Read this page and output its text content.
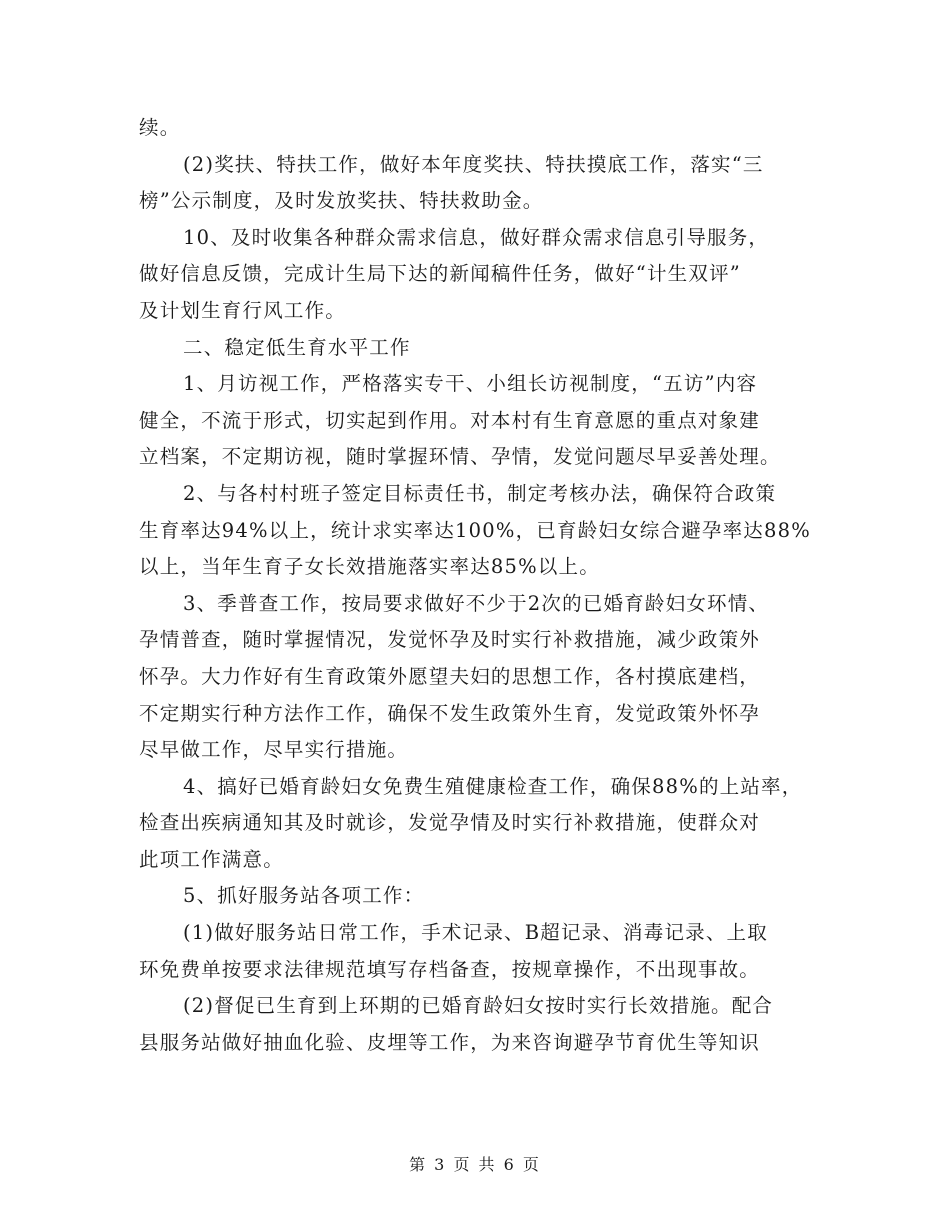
续。
(2)奖扶、特扶工作，做好本年度奖扶、特扶摸底工作，落实“三
榜”公示制度，及时发放奖扶、特扶救助金。
10、及时收集各种群众需求信息，做好群众需求信息引导服务，
做好信息反馈，完成计生局下达的新闻稿件任务，做好“计生双评”
及计划生育行风工作。
二、稳定低生育水平工作
1、月访视工作，严格落实专干、小组长访视制度，“五访”内容
健全，不流于形式，切实起到作用。对本村有生育意愿的重点对象建
立档案，不定期访视，随时掌握环情、孕情，发觉问题尽早妥善处理。
2、与各村村班子签定目标责任书，制定考核办法，确保符合政策
生育率达94%以上，统计求实率达100%，已育龄妇女综合避孕率达88%
以上，当年生育子女长效措施落实率达85%以上。
3、季普查工作，按局要求做好不少于2次的已婚育龄妇女环情、
孕情普查，随时掌握情况，发觉怀孕及时实行补救措施，减少政策外
怀孕。大力作好有生育政策外愿望夫妇的思想工作，各村摸底建档，
不定期实行种方法作工作，确保不发生政策外生育，发觉政策外怀孕
尽早做工作，尽早实行措施。
4、搞好已婚育龄妇女免费生殖健康检查工作，确保88%的上站率，
检查出疾病通知其及时就诊，发觉孕情及时实行补救措施，使群众对
此项工作满意。
5、抓好服务站各项工作：
(1)做好服务站日常工作，手术记录、B超记录、消毒记录、上取
环免费单按要求法律规范填写存档备查，按规章操作，不出现事故。
(2)督促已生育到上环期的已婚育龄妇女按时实行长效措施。配合
县服务站做好抽血化验、皮埋等工作，为来咨询避孕节育优生等知识
第 3 页 共 6 页
